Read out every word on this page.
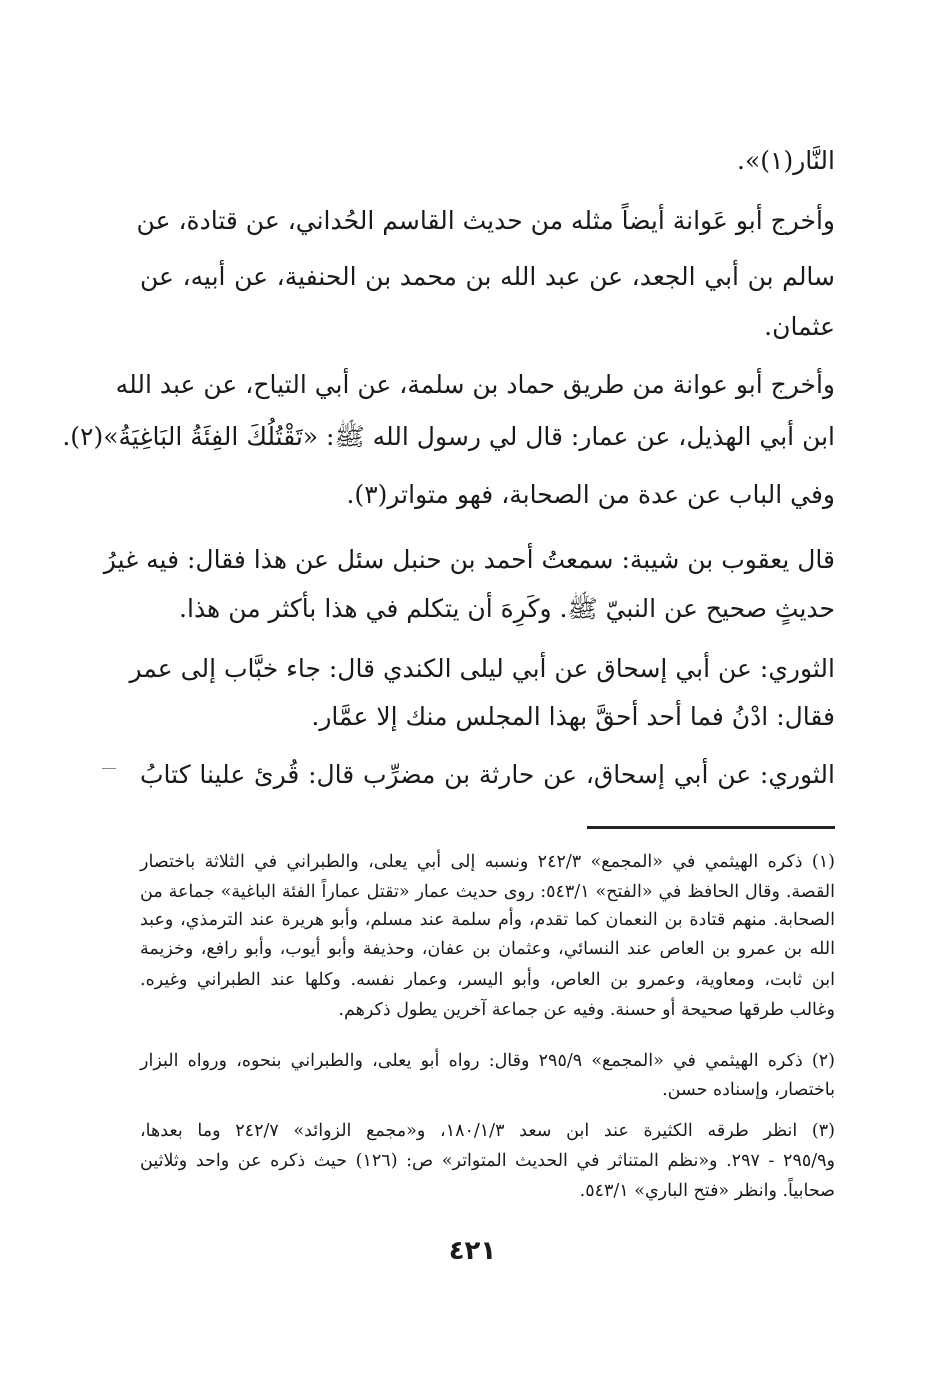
النَّار(١)».
وأخرج أبو عَوانة أيضاً مثله من حديث القاسم الحُداني، عن قتادة، عن
سالم بن أبي الجعد، عن عبد الله بن محمد بن الحنفية، عن أبيه، عن
عثمان.
وأخرج أبو عوانة من طريق حماد بن سلمة، عن أبي التياح، عن عبد الله
ابن أبي الهذيل، عن عمار: قال لي رسول الله ﷺ: «تَقْتُلُكَ الفِئَةُ البَاغِيَةُ»(٢).
وفي الباب عن عدة من الصحابة، فهو متواتر(٣).
قال يعقوب بن شيبة: سمعتُ أحمد بن حنبل سئل عن هذا فقال: فيه غيرُ
حديثٍ صحيح عن النبيّ ﷺ. وكَرِهَ أن يتكلم في هذا بأكثر من هذا.
الثوري: عن أبي إسحاق عن أبي ليلى الكندي قال: جاء خبَّاب إلى عمر
فقال: ادْنُ فما أحد أحقَّ بهذا المجلس منك إلا عمَّار.
الثوري: عن أبي إسحاق، عن حارثة بن مضرِّب قال: قُرئ علينا كتابُ
(١) ذكره الهيثمي في «المجمع» ٢٤٢/٣ ونسبه إلى أبي يعلى، والطبراني في الثلاثة باختصار
القصة. وقال الحافظ في «الفتح» ٥٤٣/١: روى حديث عمار «تقتل عماراً الفئة الباغية» جماعة من
الصحابة. منهم قتادة بن النعمان كما تقدم، وأم سلمة عند مسلم، وأبو هريرة عند الترمذي، وعبد
الله بن عمرو بن العاص عند النسائي، وعثمان بن عفان، وحذيفة وأبو أيوب، وأبو رافع، وخزيمة
ابن ثابت، ومعاوية، وعمرو بن العاص، وأبو اليسر، وعمار نفسه. وكلها عند الطبراني وغيره.
وغالب طرقها صحيحة أو حسنة. وفيه عن جماعة آخرين يطول ذكرهم.
(٢) ذكره الهيثمي في «المجمع» ٢٩٥/٩ وقال: رواه أبو يعلى، والطبراني بنحوه، ورواه البزار
باختصار، وإسناده حسن.
(٣) انظر طرقه الكثيرة عند ابن سعد ١٨٠/١/٣، و«مجمع الزوائد» ٢٤٢/٧ وما بعدها،
و٢٩٥/٩ - ٢٩٧. و«نظم المتناثر في الحديث المتواتر» ص: (١٢٦) حيث ذكره عن واحد وثلاثين
صحابياً. وانظر «فتح الباري» ٥٤٣/١.
٤٢١
